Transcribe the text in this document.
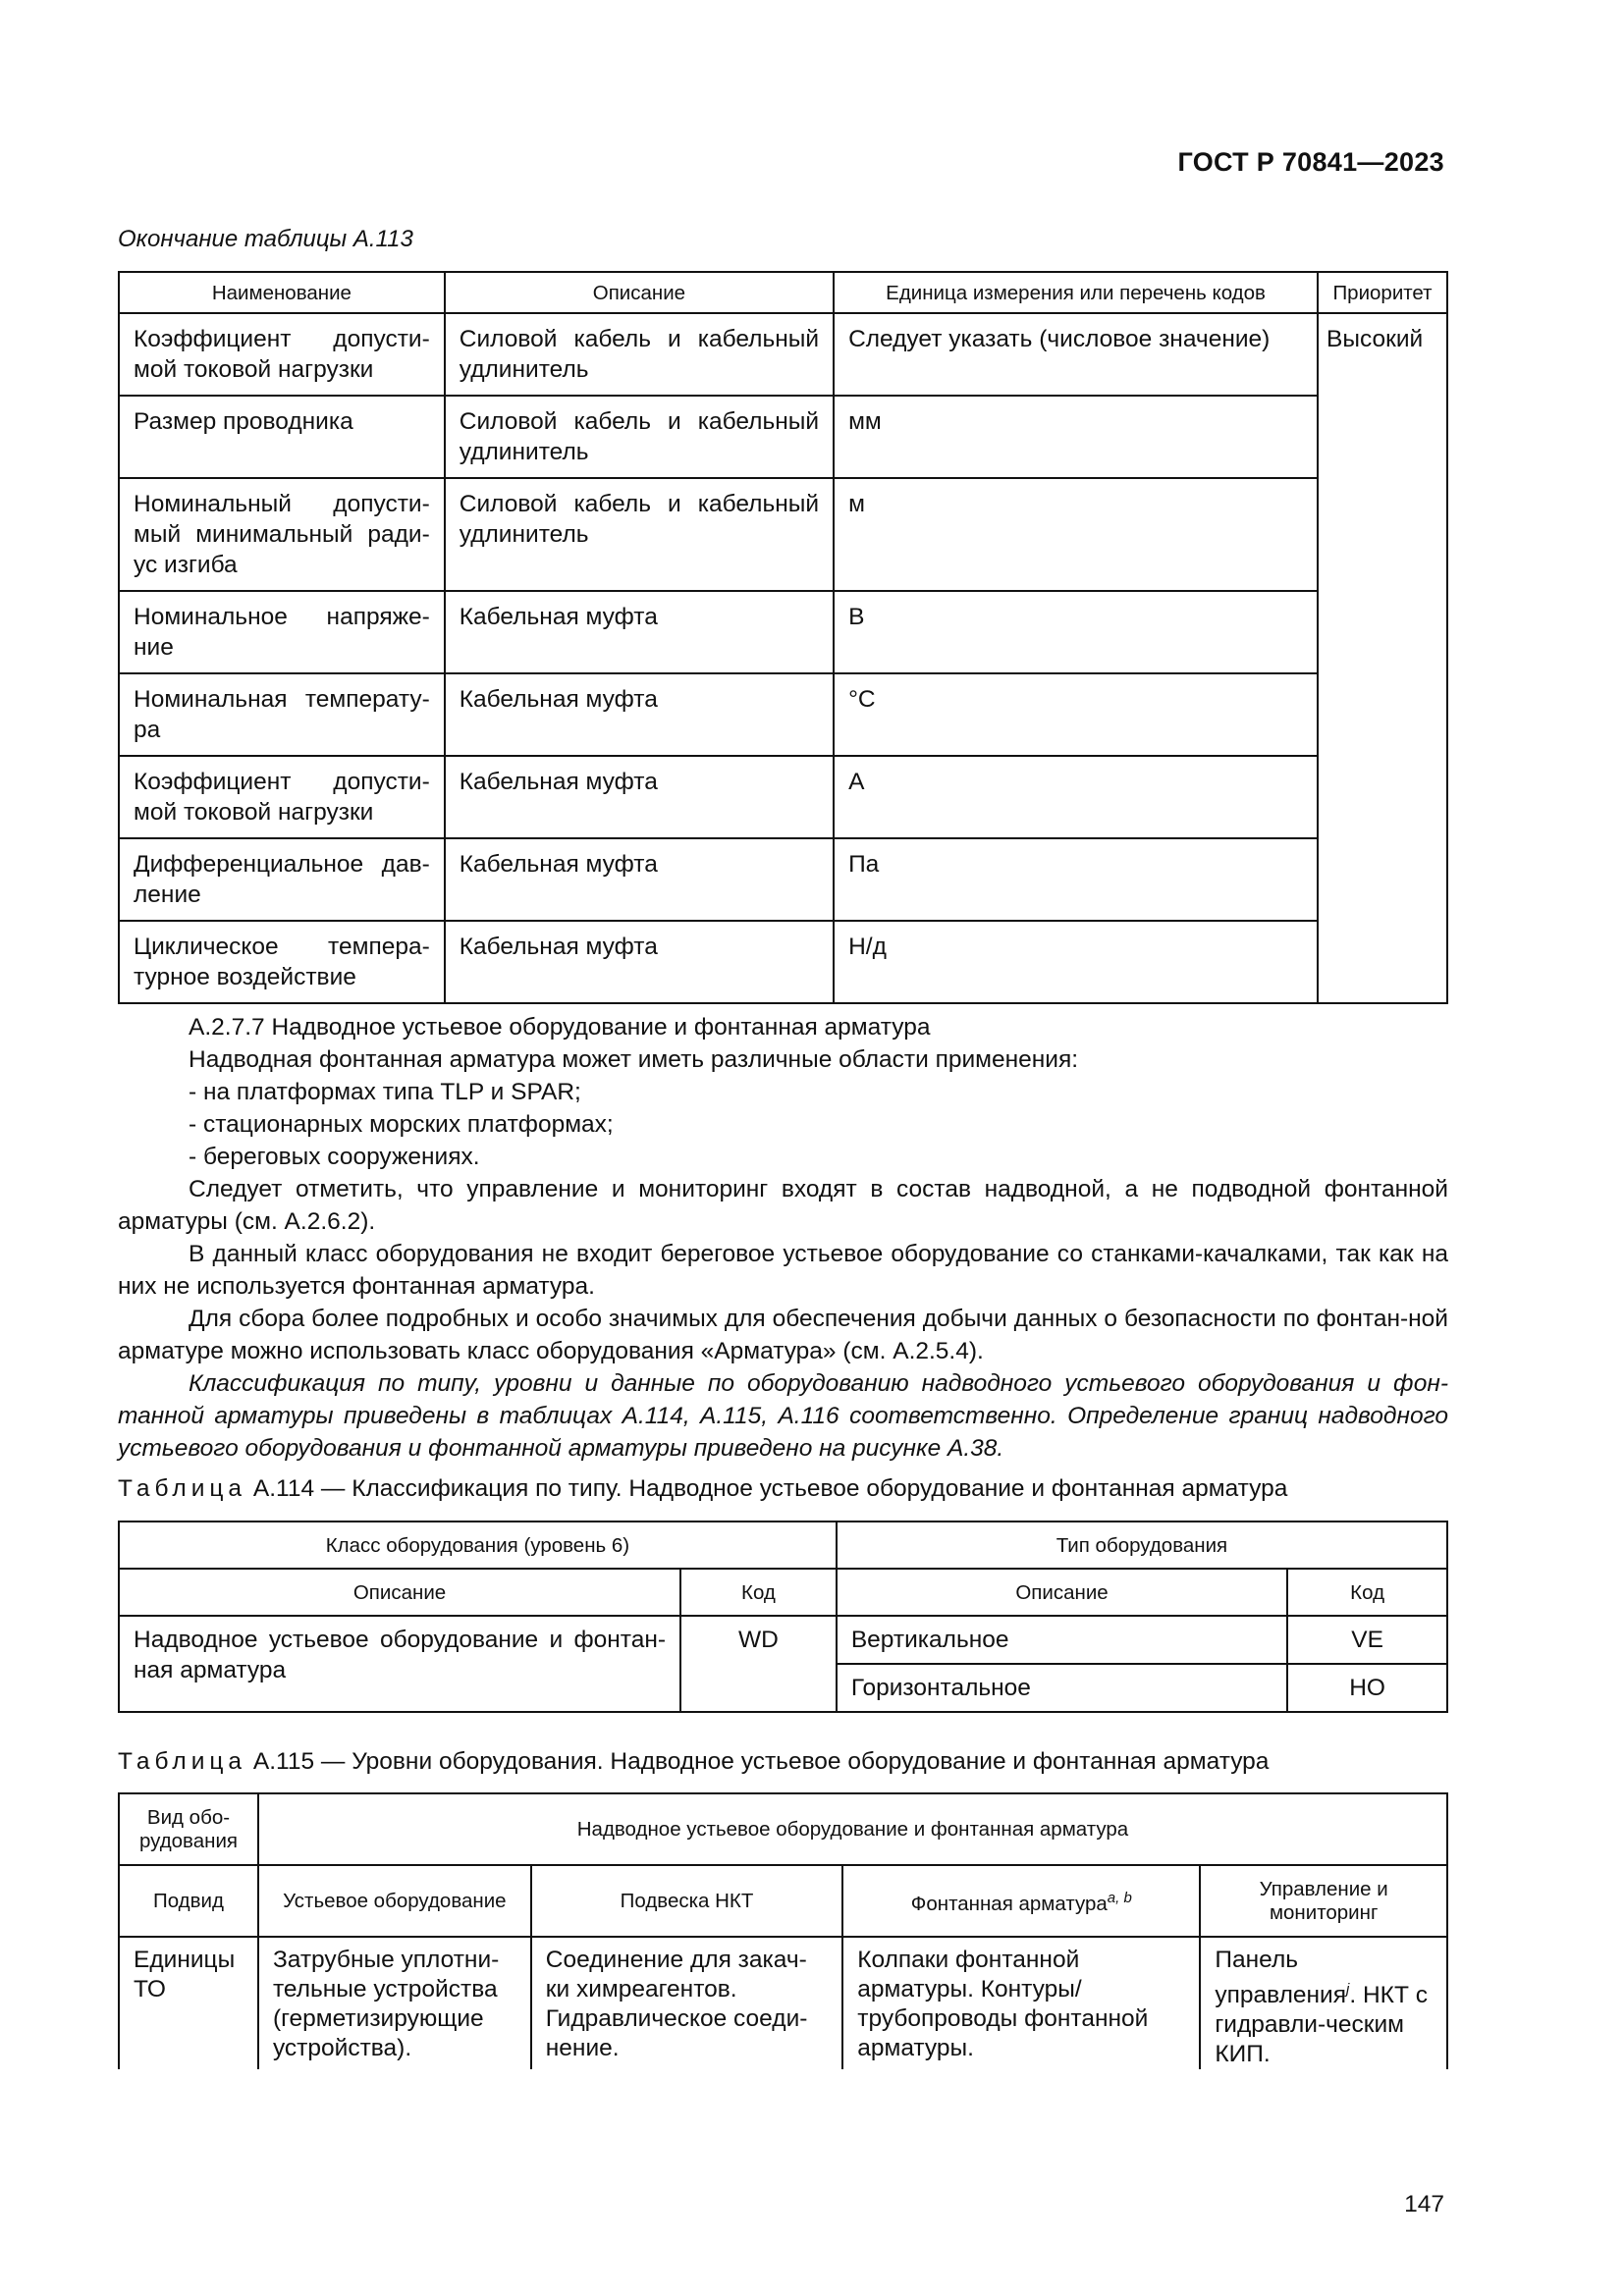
ГОСТ Р 70841—2023
Окончание таблицы А.113
Наименование	Описание	Единица измерения или перечень кодов	Приоритет
Коэффициент допусти-мой токовой нагрузки	Силовой кабель и кабельный удлинитель	Следует указать (числовое значение)	Высокий
Размер проводника	Силовой кабель и кабельный удлинитель	мм	
Номинальный допусти-мый минимальный ради-ус изгиба	Силовой кабель и кабельный удлинитель	м	
Номинальное напряже-ние	Кабельная муфта	В	
Номинальная температу-ра	Кабельная муфта	°С	
Коэффициент допусти-мой токовой нагрузки	Кабельная муфта	А	
Дифференциальное дав-ление	Кабельная муфта	Па	
Циклическое темпера-турное воздействие	Кабельная муфта	Н/д	

А.2.7.7 Надводное устьевое оборудование и фонтанная арматура

Надводная фонтанная арматура может иметь различные области применения:

- на платформах типа TLP и SPAR;

- стационарных морских платформах;

- береговых сооружениях.

Следует отметить, что управление и мониторинг входят в состав надводной, а не подводной фонтанной арматуры (см. А.2.6.2).

В данный класс оборудования не входит береговое устьевое оборудование со станками-качалками, так как на них не используется фонтанная арматура.

Для сбора более подробных и особо значимых для обеспечения добычи данных о безопасности по фонтан-ной арматуре можно использовать класс оборудования «Арматура» (см. А.2.5.4).

Классификация по типу, уровни и данные по оборудованию надводного устьевого оборудования и фон-танной арматуры приведены в таблицах А.114, А.115, А.116 соответственно. Определение границ надводного устьевого оборудования и фонтанной арматуры приведено на рисунке А.38.

Таблица А.114 — Классификация по типу. Надводное устьевое оборудование и фонтанная арматура
Класс оборудования (уровень 6)		Тип оборудования	
Описание	Код	Описание	Код
Надводное устьевое оборудование и фонтан-ная арматура	WD	Вертикальное	VE
		Горизонтальное	HO
Таблица А.115 — Уровни оборудования. Надводное устьевое оборудование и фонтанная арматура
Вид обо-рудования	Надводное устьевое оборудование и фонтанная арматура			
Подвид	Устьевое оборудование	Подвеска НКТ	Фонтанная арматура$^{a, b}$	Управление и мониторинг
Единицы ТО	Затрубные уплотни-тельные устройства (герметизирующие устройства).	Соединение для закач-ки химреагентов. Гидравлическое соеди-нение.	Колпаки фонтанной арматуры. Контуры/трубопроводы фонтанной арматуры.	Панель управления$^j$. НКТ с гидравли-ческим КИП.
147
